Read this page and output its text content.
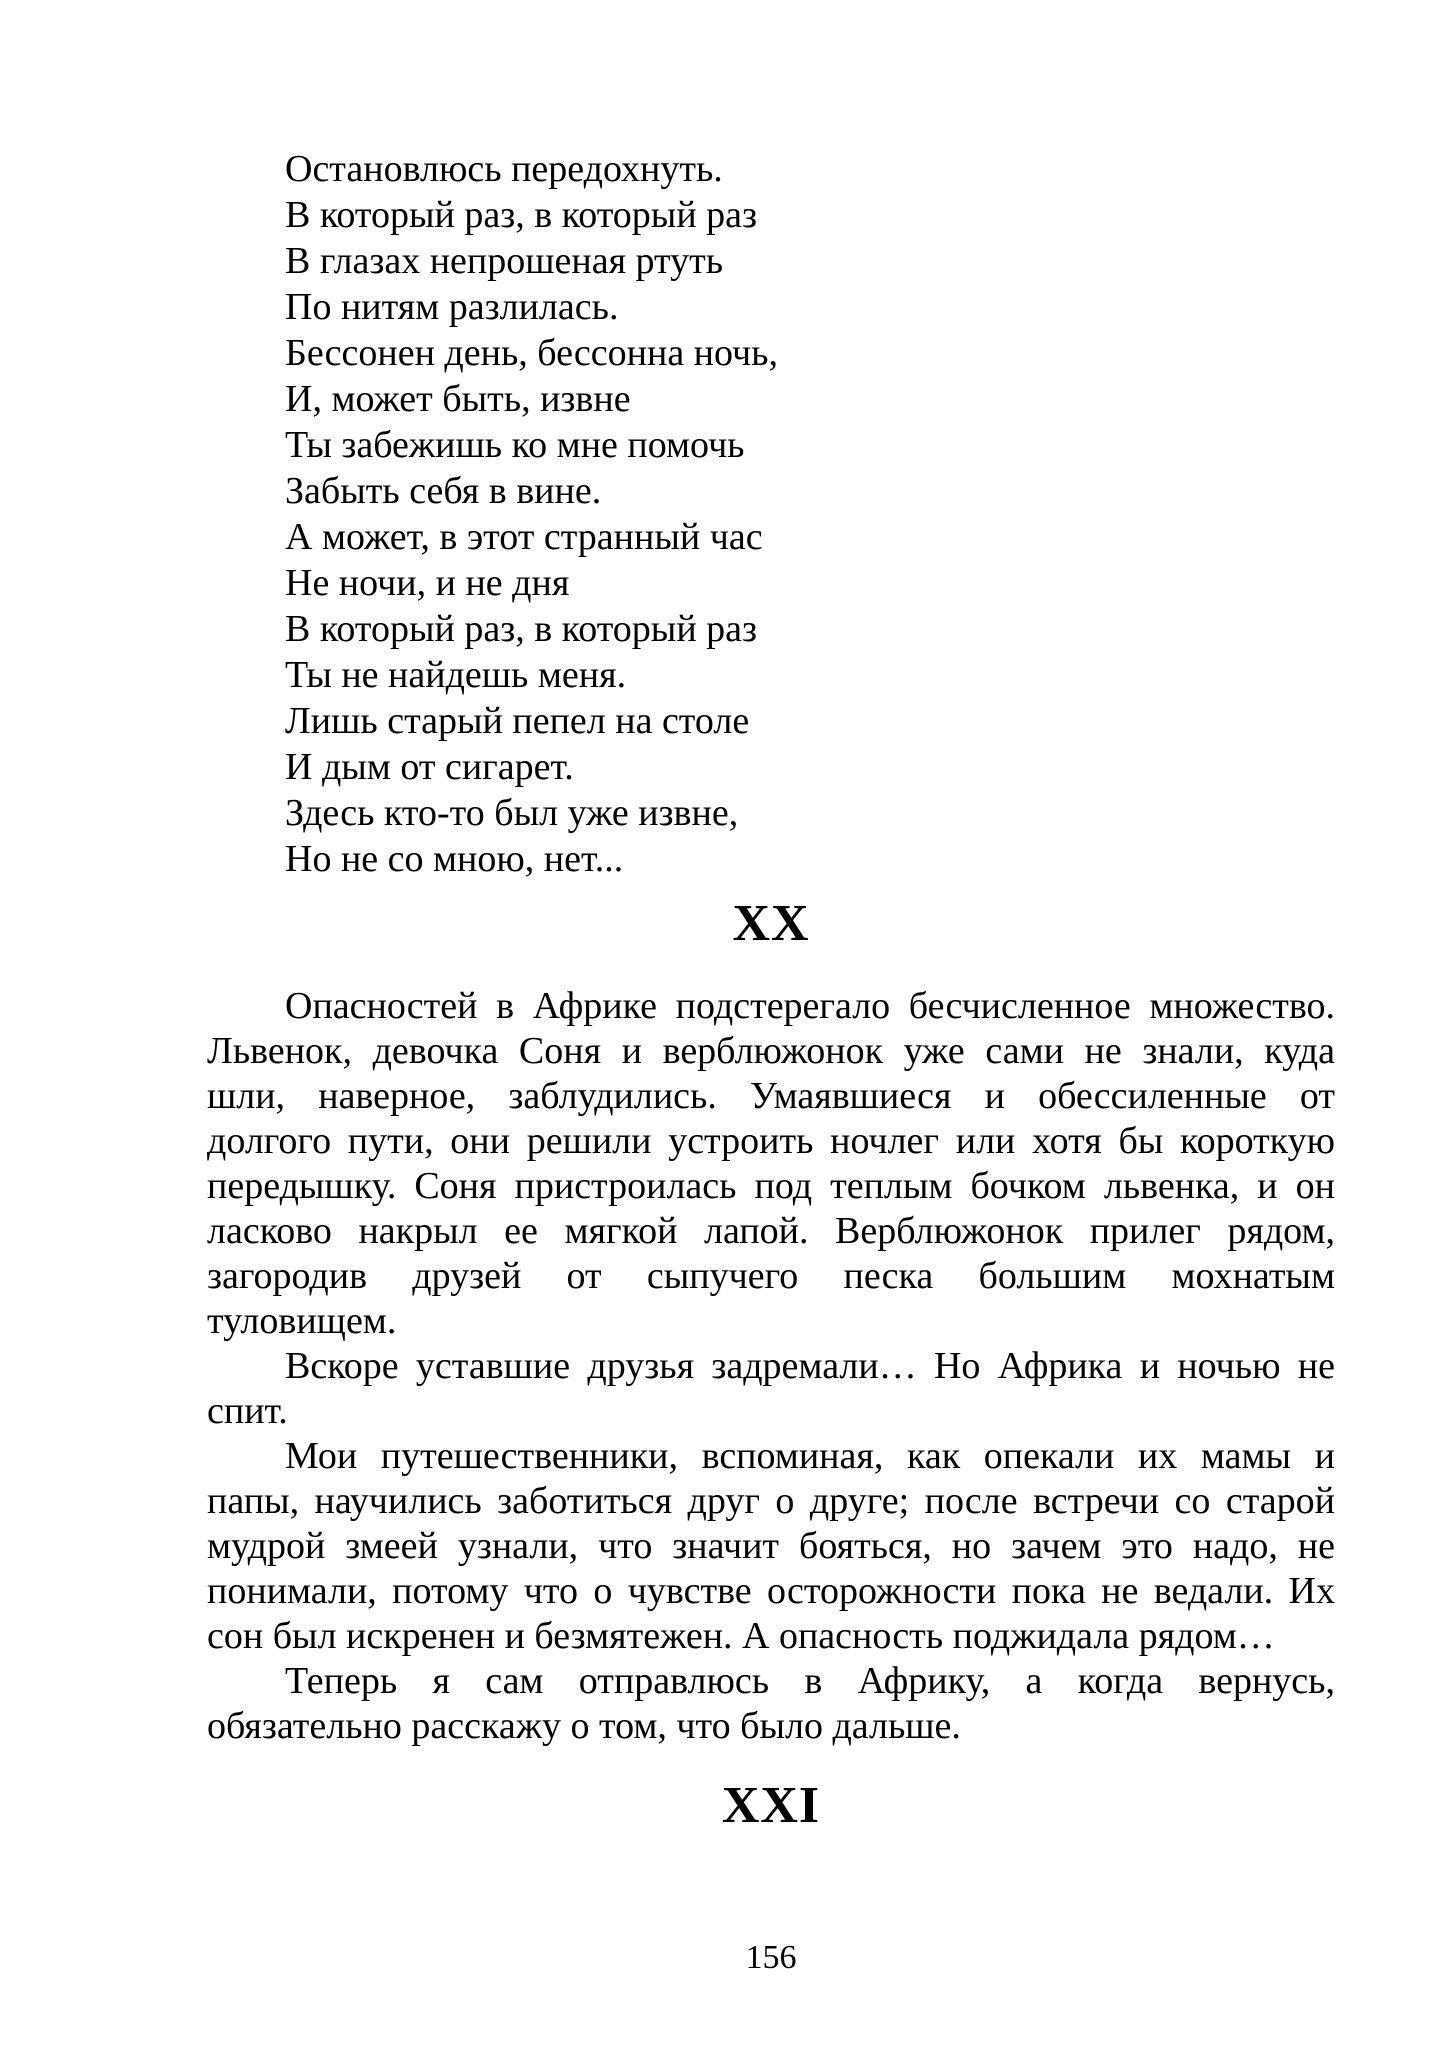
Остановлюсь передохнуть.
В который раз, в который раз
В глазах непрошеная ртуть
По нитям разлилась.
Бессонен день, бессонна ночь,
И, может быть, извне
Ты забежишь ко мне помочь
Забыть себя в вине.
А может, в этот странный час
Не ночи, и не дня
В который раз, в который раз
Ты не найдешь меня.
Лишь старый пепел на столе
И дым от сигарет.
Здесь кто-то был уже извне,
Но не со мною, нет...
XX
Опасностей в Африке подстерегало бесчисленное множество.
Львенок, девочка Соня и верблюжонок уже сами не знали, куда
шли, наверное, заблудились. Умаявшиеся и обессиленные от
долгого пути, они решили устроить ночлег или хотя бы короткую
передышку. Соня пристроилась под теплым бочком львенка, и он
ласково накрыл ее мягкой лапой. Верблюжонок прилег рядом,
загородив друзей от сыпучего песка большим мохнатым
туловищем.
Вскоре уставшие друзья задремали… Но Африка и ночью не
спит.
Мои путешественники, вспоминая, как опекали их мамы и
папы, научились заботиться друг о друге; после встречи со старой
мудрой змеей узнали, что значит бояться, но зачем это надо, не
понимали, потому что о чувстве осторожности пока не ведали. Их
сон был искренен и безмятежен. А опасность поджидала рядом…
Теперь я сам отправлюсь в Африку, а когда вернусь,
обязательно расскажу о том, что было дальше.
XXI
156
